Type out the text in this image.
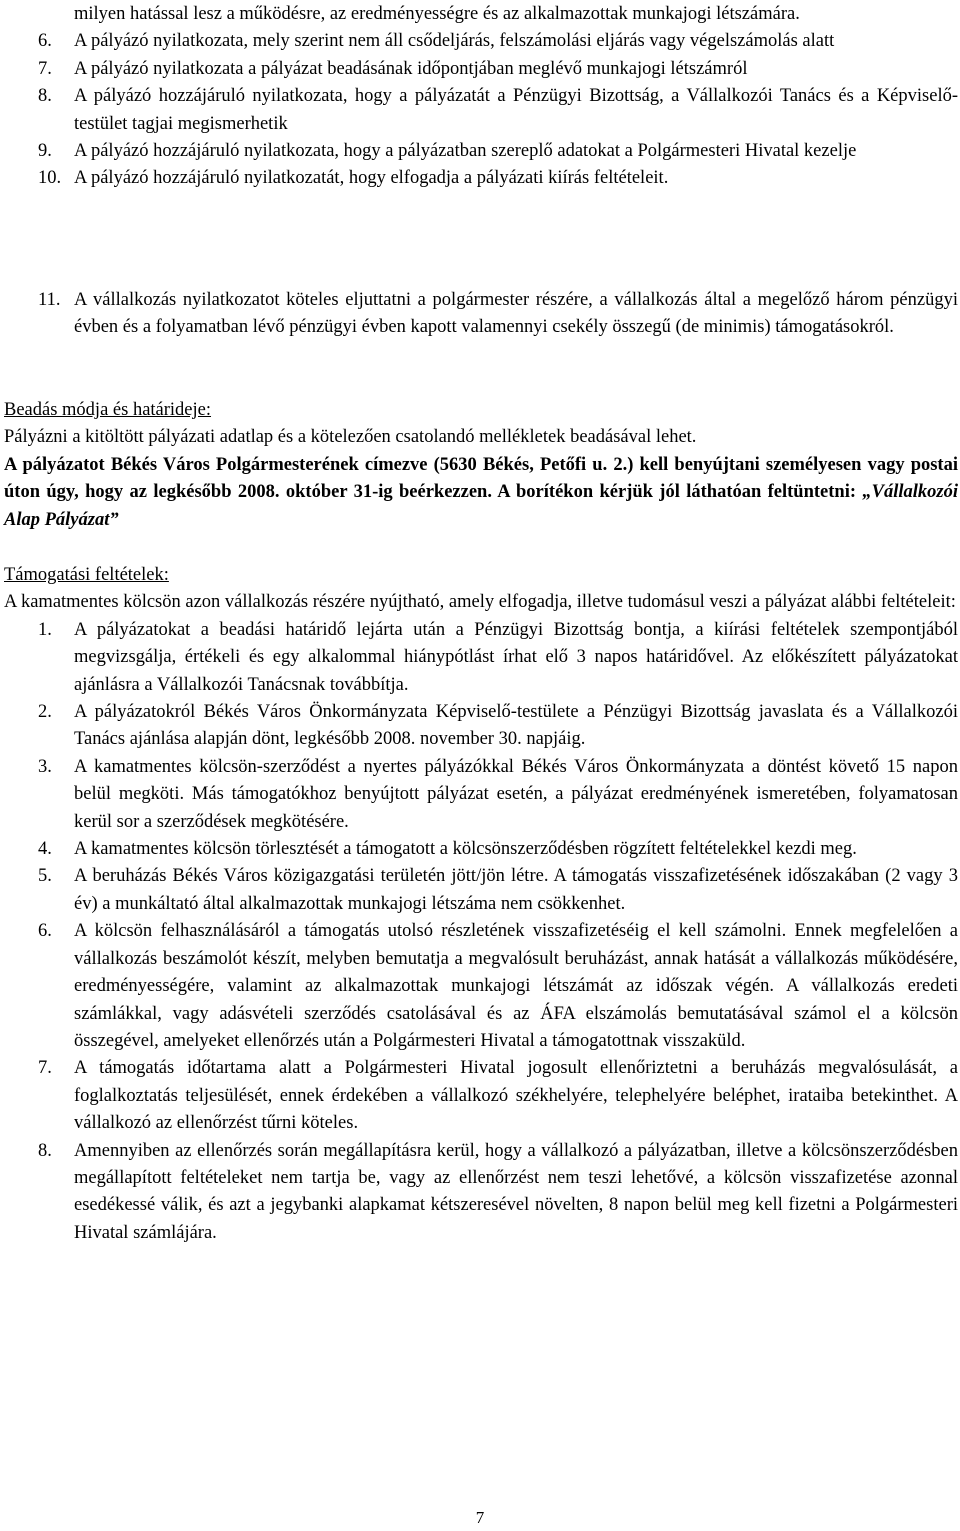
milyen hatással lesz a működésre, az eredményességre és az alkalmazottak munkajogi létszámára.
6. A pályázó nyilatkozata, mely szerint nem áll csődeljárás, felszámolási eljárás vagy végelszámolás alatt
7. A pályázó nyilatkozata a pályázat beadásának időpontjában meglévő munkajogi létszámról
8. A pályázó hozzájáruló nyilatkozata, hogy a pályázatát a Pénzügyi Bizottság, a Vállalkozói Tanács és a Képviselő-testület tagjai megismerhetik
9. A pályázó hozzájáruló nyilatkozata, hogy a pályázatban szereplő adatokat a Polgármesteri Hivatal kezelje
10. A pályázó hozzájáruló nyilatkozatát, hogy elfogadja a pályázati kiírás feltételeit.
11. A vállalkozás nyilatkozatot köteles eljuttatni a polgármester részére, a vállalkozás által a megelőző három pénzügyi évben és a folyamatban lévő pénzügyi évben kapott valamennyi csekély összegű (de minimis) támogatásokról.

Beadás módja és határideje:

Pályázni a kitöltött pályázati adatlap és a kötelezően csatolandó mellékletek beadásával lehet.

A pályázatot Békés Város Polgármesterének címezve (5630 Békés, Petőfi u. 2.) kell benyújtani személyesen vagy postai úton úgy, hogy az legkésőbb 2008. október 31-ig beérkezzen. A borítékon kérjük jól láthatóan feltüntetni: „Vállalkozói Alap Pályázat”

Támogatási feltételek:

A kamatmentes kölcsön azon vállalkozás részére nyújtható, amely elfogadja, illetve tudomásul veszi a pályázat alábbi feltételeit:

1. A pályázatokat a beadási határidő lejárta után a Pénzügyi Bizottság bontja, a kiírási feltételek szempontjából megvizsgálja, értékeli és egy alkalommal hiánypótlást írhat elő 3 napos határidővel. Az előkészített pályázatokat ajánlásra a Vállalkozói Tanácsnak továbbítja.
2. A pályázatokról Békés Város Önkormányzata Képviselő-testülete a Pénzügyi Bizottság javaslata és a Vállalkozói Tanács ajánlása alapján dönt, legkésőbb 2008. november 30. napjáig.
3. A kamatmentes kölcsön-szerződést a nyertes pályázókkal Békés Város Önkormányzata a döntést követő 15 napon belül megköti. Más támogatókhoz benyújtott pályázat esetén, a pályázat eredményének ismeretében, folyamatosan kerül sor a szerződések megkötésére.
4. A kamatmentes kölcsön törlesztését a támogatott a kölcsönszerződésben rögzített feltételekkel kezdi meg.
5. A beruházás Békés Város közigazgatási területén jött/jön létre. A támogatás visszafizetésének időszakában (2 vagy 3 év) a munkáltató által alkalmazottak munkajogi létszáma nem csökkenhet.
6. A kölcsön felhasználásáról a támogatás utolsó részletének visszafizetéséig el kell számolni. Ennek megfelelően a vállalkozás beszámolót készít, melyben bemutatja a megvalósult beruházást, annak hatását a vállalkozás működésére, eredményességére, valamint az alkalmazottak munkajogi létszámát az időszak végén. A vállalkozás eredeti számlákkal, vagy adásvételi szerződés csatolásával és az ÁFA elszámolás bemutatásával számol el a kölcsön összegével, amelyeket ellenőrzés után a Polgármesteri Hivatal a támogatottnak visszaküld.
7. A támogatás időtartama alatt a Polgármesteri Hivatal jogosult ellenőriztetni a beruházás megvalósulását, a foglalkoztatás teljesülését, ennek érdekében a vállalkozó székhelyére, telephelyére beléphet, irataiba betekinthet. A vállalkozó az ellenőrzést tűrni köteles.
8. Amennyiben az ellenőrzés során megállapításra kerül, hogy a vállalkozó a pályázatban, illetve a kölcsönszerződésben megállapított feltételeket nem tartja be, vagy az ellenőrzést nem teszi lehetővé, a kölcsön visszafizetése azonnal esedékessé válik, és azt a jegybanki alapkamat kétszeresével növelten, 8 napon belül meg kell fizetni a Polgármesteri Hivatal számlájára.
7
